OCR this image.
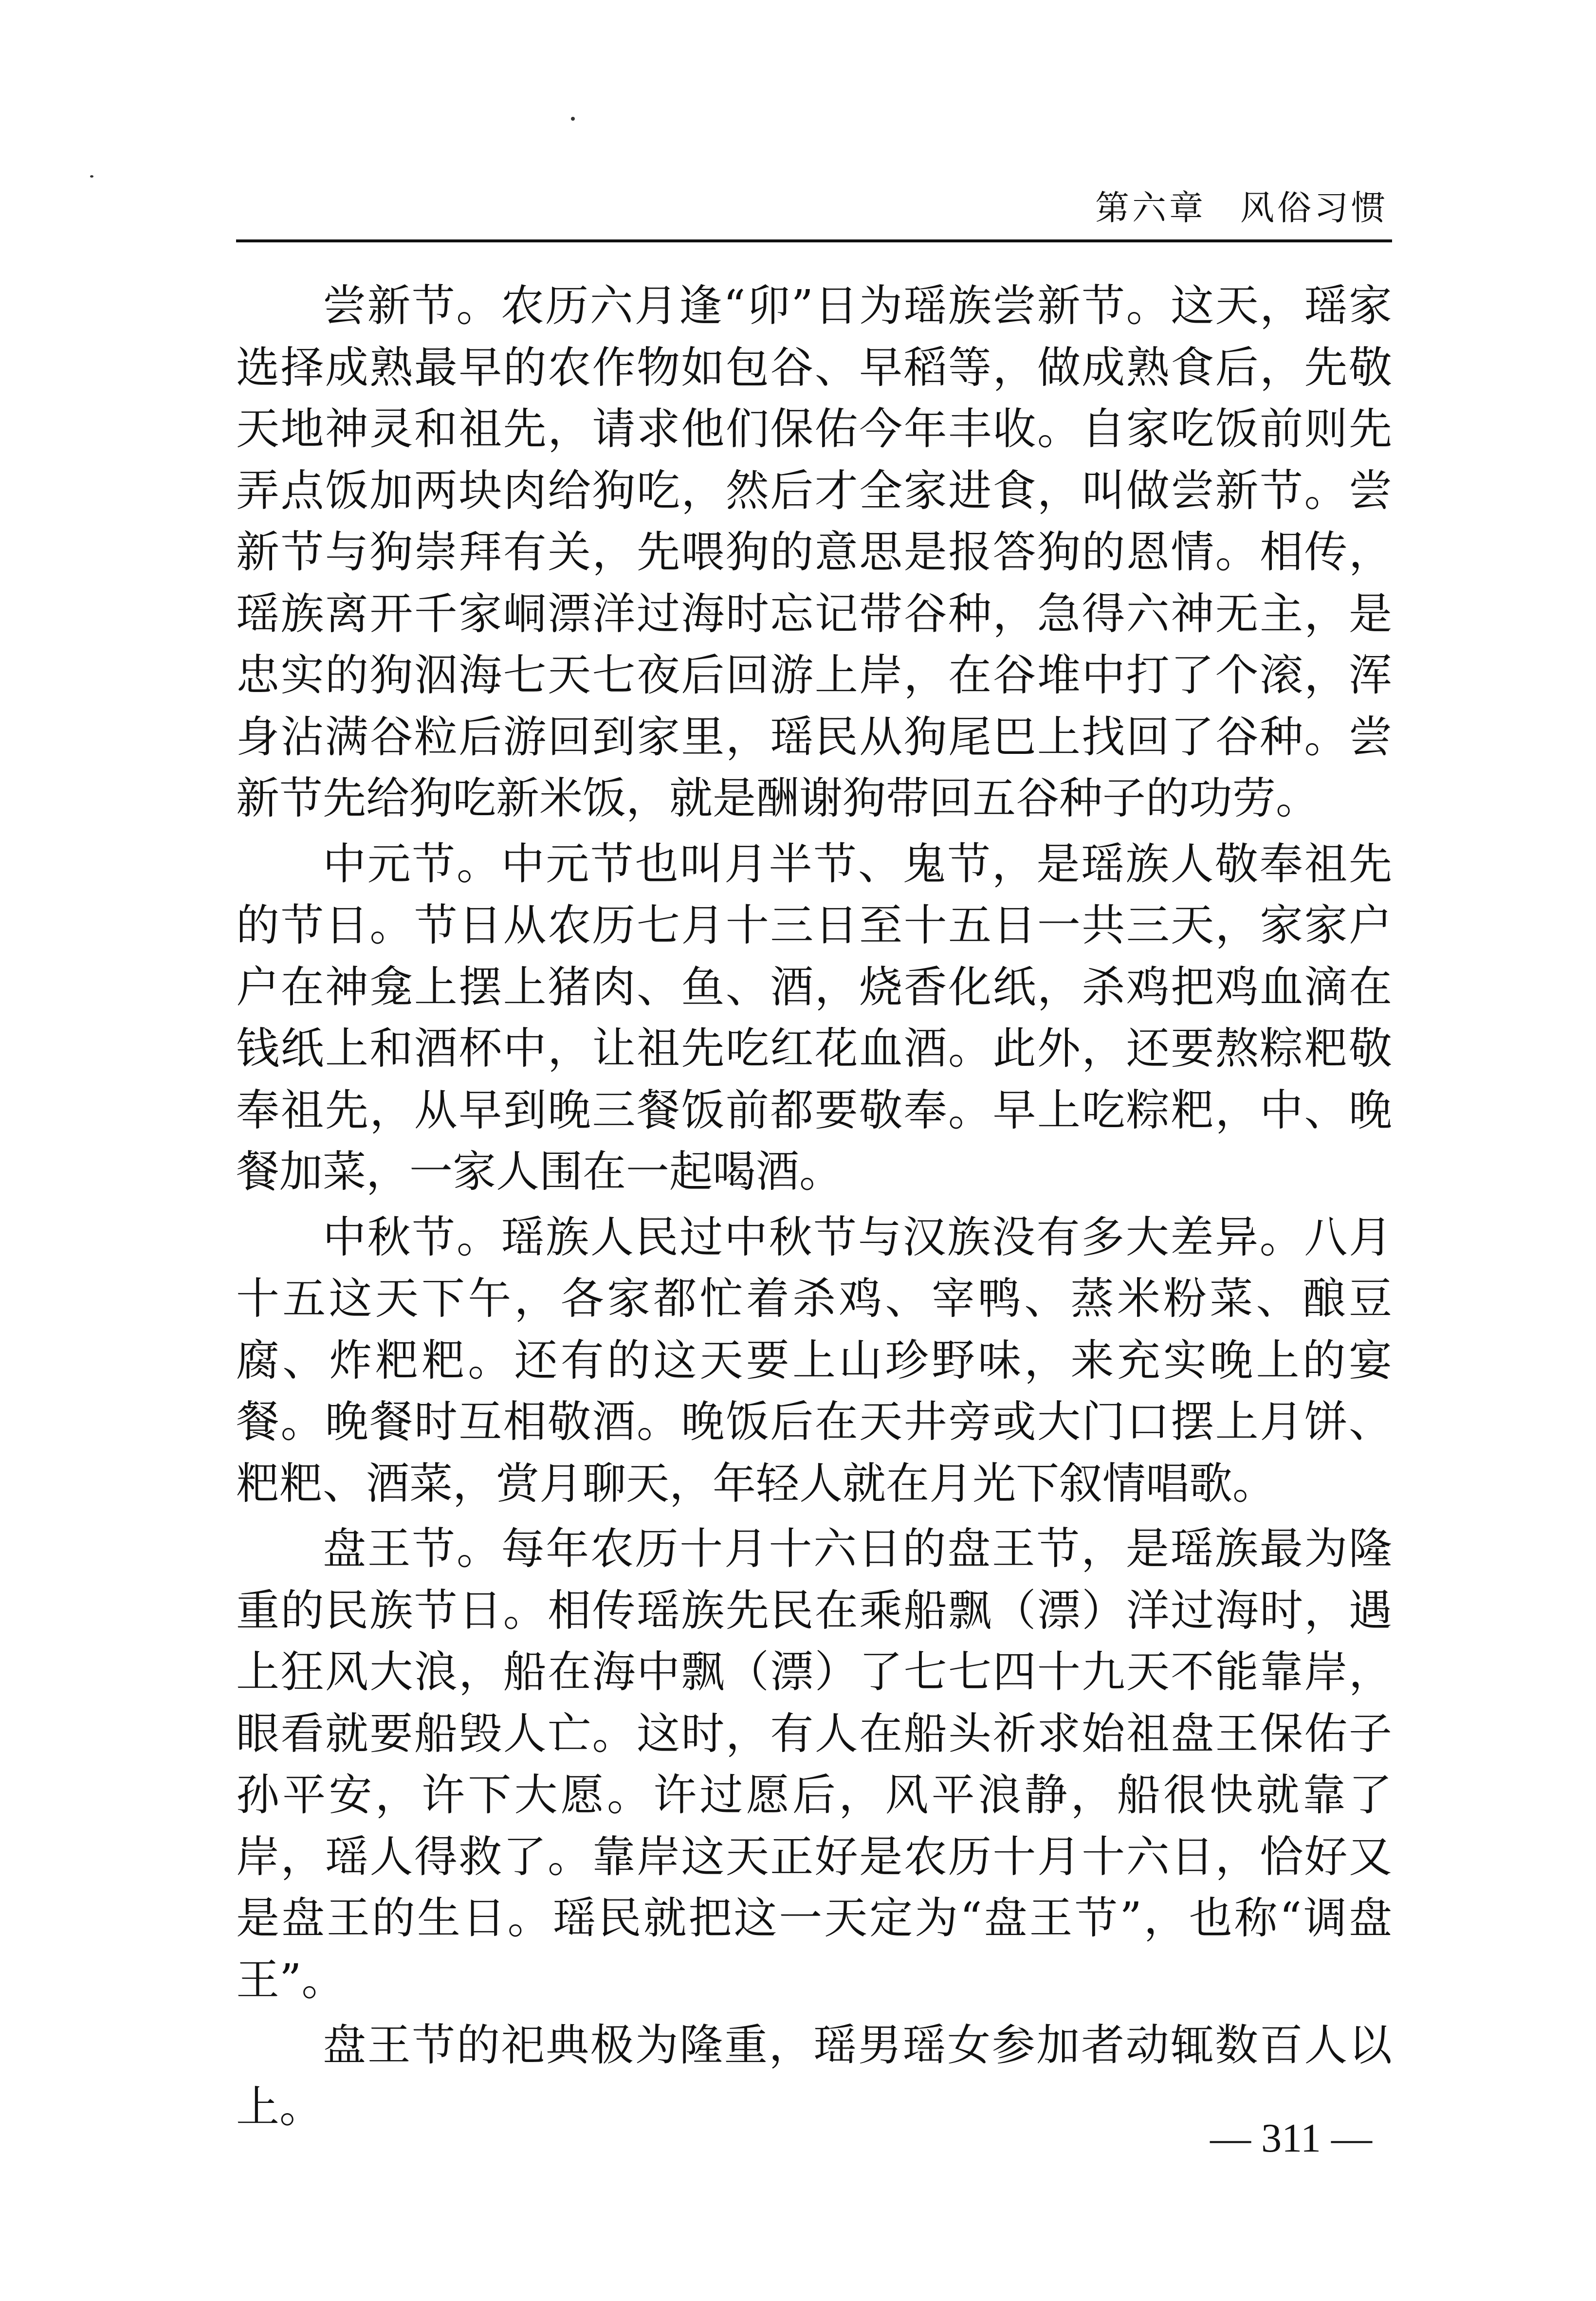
第六章 风俗习惯

尝新节。农历六月逢“卯”日为瑶族尝新节。这天，瑶家选择成熟最早的农作物如包谷、早稻等，做成熟食后，先敬天地神灵和祖先，请求他们保佑今年丰收。自家吃饭前则先弄点饭加两块肉给狗吃，然后才全家进食，叫做尝新节。尝新节与狗崇拜有关，先喂狗的意思是报答狗的恩情。相传，瑶族离开千家峒漂洋过海时忘记带谷种，急得六神无主，是忠实的狗泅海七天七夜后回游上岸，在谷堆中打了个滚，浑身沾满谷粒后游回到家里，瑶民从狗尾巴上找回了谷种。尝新节先给狗吃新米饭，就是酬谢狗带回五谷种子的功劳。

中元节。中元节也叫月半节、鬼节，是瑶族人敬奉祖先的节日。节日从农历七月十三日至十五日一共三天，家家户户在神龛上摆上猪肉、鱼、酒，烧香化纸，杀鸡把鸡血滴在钱纸上和酒杯中，让祖先吃红花血酒。此外，还要熬粽粑敬奉祖先，从早到晚三餐饭前都要敬奉。早上吃粽粑，中、晚餐加菜，一家人围在一起喝酒。

中秋节。瑶族人民过中秋节与汉族没有多大差异。八月十五这天下午，各家都忙着杀鸡、宰鸭、蒸米粉菜、酿豆腐、炸粑粑。还有的这天要上山珍野味，来充实晚上的宴餐。晚餐时互相敬酒。晚饭后在天井旁或大门口摆上月饼、粑粑、酒菜，赏月聊天，年轻人就在月光下叙情唱歌。

盘王节。每年农历十月十六日的盘王节，是瑶族最为隆重的民族节日。相传瑶族先民在乘船飘（漂）洋过海时，遇上狂风大浪，船在海中飘（漂）了七七四十九天不能靠岸，眼看就要船毁人亡。这时，有人在船头祈求始祖盘王保佑子孙平安，许下大愿。许过愿后，风平浪静，船很快就靠了岸，瑶人得救了。靠岸这天正好是农历十月十六日，恰好又是盘王的生日。瑶民就把这一天定为“盘王节”，也称“调盘王”。

盘王节的祀典极为隆重，瑶男瑶女参加者动辄数百人以上。

— 311 —
